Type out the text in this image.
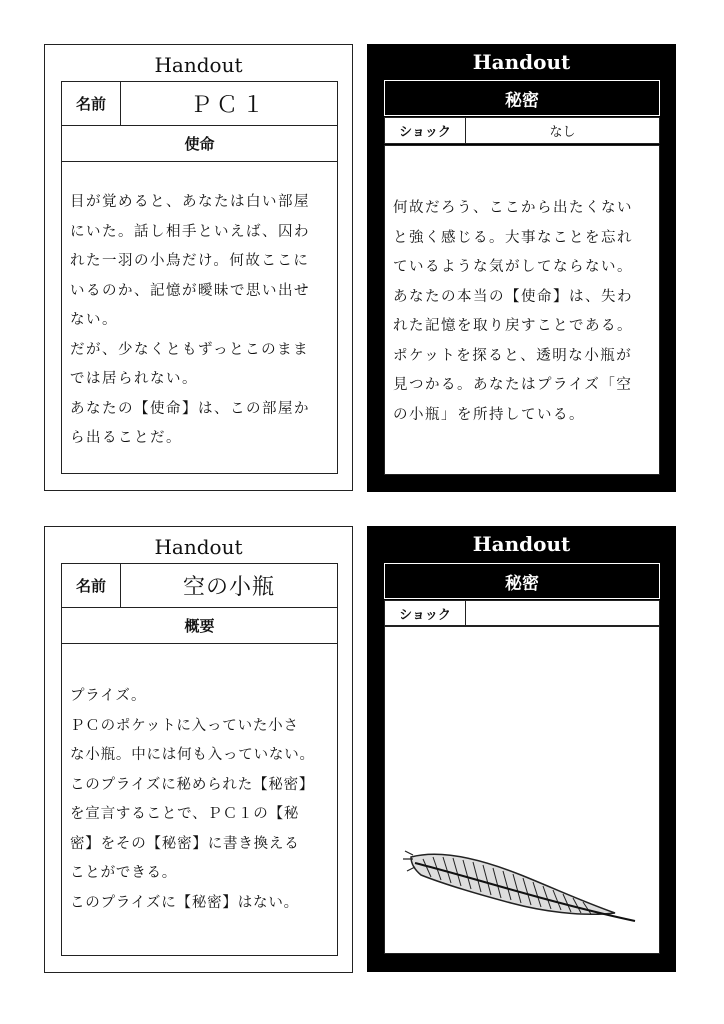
Handout
名前	ＰＣ１
使命
目が覚めると、あなたは白い部屋
にいた。話し相手といえば、囚わ
れた一羽の小鳥だけ。何故ここに
いるのか、記憶が曖昧で思い出せ
ない。
だが、少なくともずっとこのまま
では居られない。
あなたの【使命】は、この部屋か
ら出ることだ。
Handout
秘密
ショック	なし
何故だろう、ここから出たくない
と強く感じる。大事なことを忘れ
ているような気がしてならない。
あなたの本当の【使命】は、失わ
れた記憶を取り戻すことである。
ポケットを探ると、透明な小瓶が
見つかる。あなたはプライズ「空
の小瓶」を所持している。
Handout
名前	空の小瓶
概要
プライズ。
ＰＣのポケットに入っていた小さ
な小瓶。中には何も入っていない。
このプライズに秘められた【秘密】
を宣言することで、ＰＣ１の【秘
密】をその【秘密】に書き換える
ことができる。
このプライズに【秘密】はない。
Handout
秘密
ショック
